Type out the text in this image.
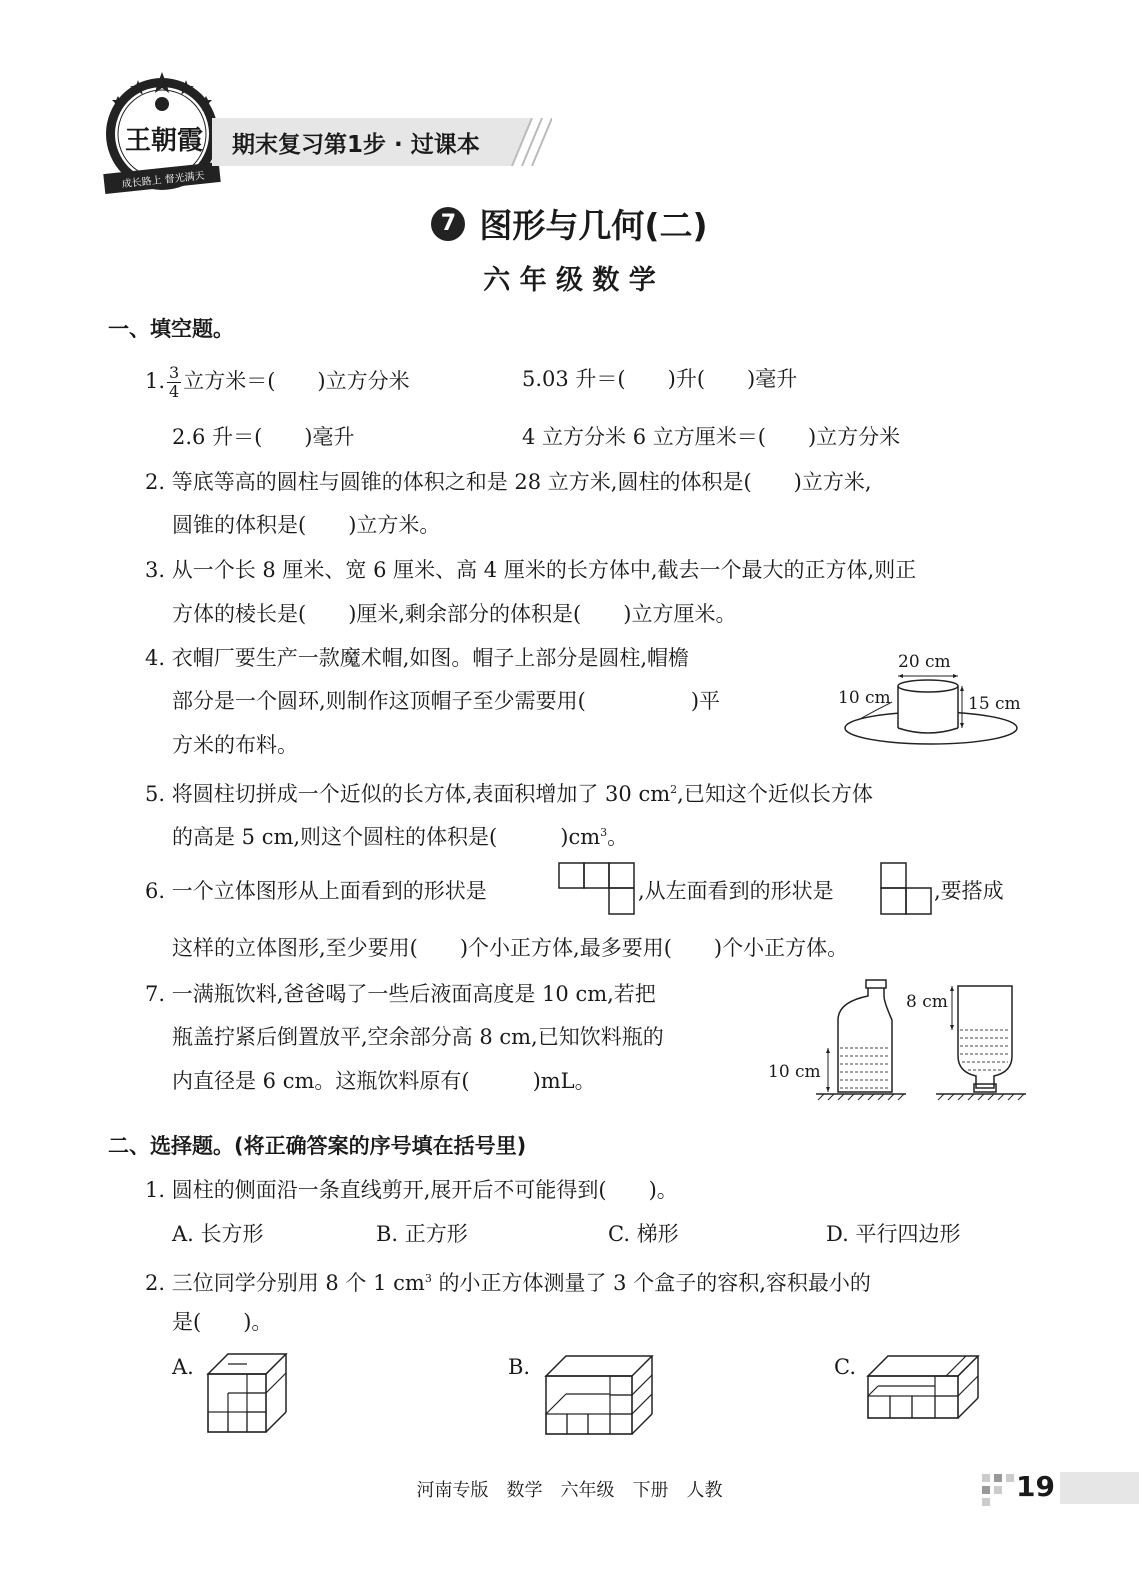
王朝霞
成长路上 督光满天
期末复习第1步 · 过课本
7 图形与几何(二)
六 年 级 数 学
一、填空题。
1. $\frac{3}{4}$ 立方米＝(　　)立方分米	5.03 升＝(　　)升(　　)毫升
2.6 升＝(　　)毫升	4 立方分米 6 立方厘米＝(　　)立方分米
2. 等底等高的圆柱与圆锥的体积之和是 28 立方米,圆柱的体积是(　　)立方米,
圆锥的体积是(　　)立方米。
3. 从一个长 8 厘米、宽 6 厘米、高 4 厘米的长方体中,截去一个最大的正方体,则正
方体的棱长是(　　)厘米,剩余部分的体积是(　　)立方厘米。
4. 衣帽厂要生产一款魔术帽,如图。帽子上部分是圆柱,帽檐
部分是一个圆环,则制作这顶帽子至少需要用(　　　　　)平
方米的布料。
20 cm
10 cm	15 cm
5. 将圆柱切拼成一个近似的长方体,表面积增加了 30 $cm^2$,已知这个近似长方体
的高是 5 cm,则这个圆柱的体积是(　　　)$cm^3$。
6. 一个立体图形从上面看到的形状是	,从左面看到的形状是	,要搭成
这样的立体图形,至少要用(　　)个小正方体,最多要用(　　)个小正方体。
7. 一满瓶饮料,爸爸喝了一些后液面高度是 10 cm,若把
瓶盖拧紧后倒置放平,空余部分高 8 cm,已知饮料瓶的
内直径是 6 cm。这瓶饮料原有(　　　)mL。	10 cm
8 cm
二、选择题。(将正确答案的序号填在括号里)
1. 圆柱的侧面沿一条直线剪开,展开后不可能得到(　　)。
A. 长方形	B. 正方形	C. 梯形	D. 平行四边形
2. 三位同学分别用 8 个 1 $cm^3$ 的小正方体测量了 3 个盒子的容积,容积最小的
是(　　)。
A.	B.	C.
河南专版　数学　六年级　下册　人教	19
